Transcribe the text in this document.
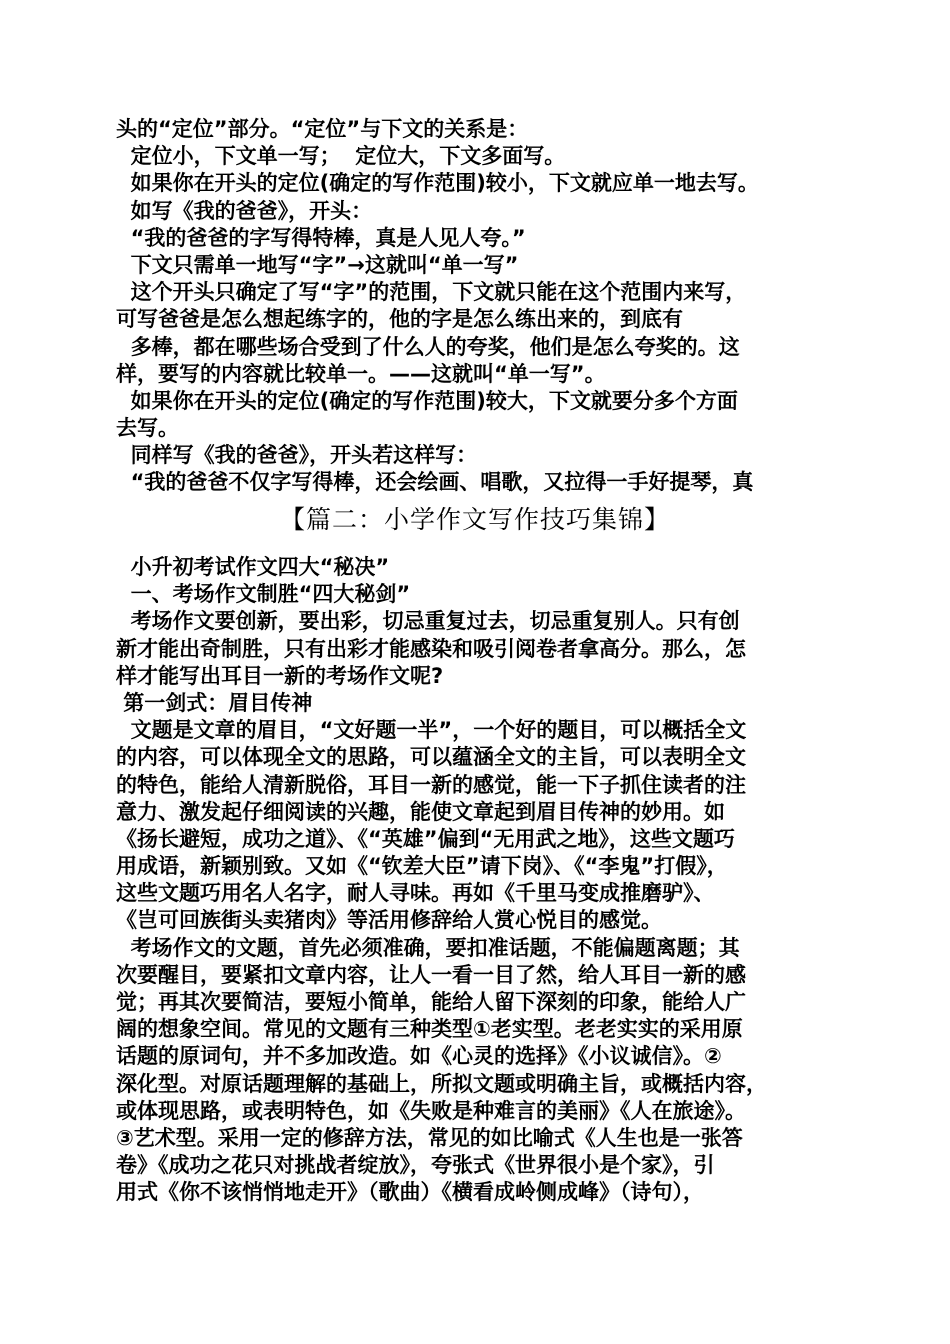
头的“定位”部分。“定位”与下文的关系是：
定位小，下文单一写；  定位大，下文多面写。
如果你在开头的定位(确定的写作范围)较小，下文就应单一地去写。
如写《我的爸爸》，开头：
“我的爸爸的字写得特棒，真是人见人夸。”
下文只需单一地写“字”→这就叫“单一写”
这个开头只确定了写“字”的范围，下文就只能在这个范围内来写，
可写爸爸是怎么想起练字的，他的字是怎么练出来的，到底有
多棒，都在哪些场合受到了什么人的夸奖，他们是怎么夸奖的。这
样，要写的内容就比较单一。——这就叫“单一写”。
如果你在开头的定位(确定的写作范围)较大，下文就要分多个方面
去写。
同样写《我的爸爸》，开头若这样写：
“我的爸爸不仅字写得棒，还会绘画、唱歌，又拉得一手好提琴，真
【篇二：小学作文写作技巧集锦】
小升初考试作文四大“秘决”
一、考场作文制胜“四大秘剑”
考场作文要创新，要出彩，切忌重复过去，切忌重复别人。只有创
新才能出奇制胜，只有出彩才能感染和吸引阅卷者拿高分。那么，怎
样才能写出耳目一新的考场作文呢?
第一剑式：眉目传神
文题是文章的眉目，“文好题一半”，一个好的题目，可以概括全文
的内容，可以体现全文的思路，可以蕴涵全文的主旨，可以表明全文
的特色，能给人清新脱俗，耳目一新的感觉，能一下子抓住读者的注
意力、激发起仔细阅读的兴趣，能使文章起到眉目传神的妙用。如
《扬长避短，成功之道》、《“英雄”偏到“无用武之地》，这些文题巧
用成语，新颖别致。又如《“钦差大臣”请下岗》、《“李鬼”打假》，
这些文题巧用名人名字，耐人寻味。再如《千里马变成推磨驴》、
《岂可回族街头卖猪肉》等活用修辞给人赏心悦目的感觉。
考场作文的文题，首先必须准确，要扣准话题，不能偏题离题；其
次要醒目，要紧扣文章内容，让人一看一目了然，给人耳目一新的感
觉；再其次要简洁，要短小简单，能给人留下深刻的印象，能给人广
阔的想象空间。常见的文题有三种类型①老实型。老老实实的采用原
话题的原词句，并不多加改造。如《心灵的选择》《小议诚信》。②
深化型。对原话题理解的基础上，所拟文题或明确主旨，或概括内容，
或体现思路，或表明特色，如《失败是种难言的美丽》《人在旅途》。
③艺术型。采用一定的修辞方法，常见的如比喻式《人生也是一张答
卷》《成功之花只对挑战者绽放》，夸张式《世界很小是个家》，引
用式《你不该悄悄地走开》（歌曲）《横看成岭侧成峰》（诗句），
